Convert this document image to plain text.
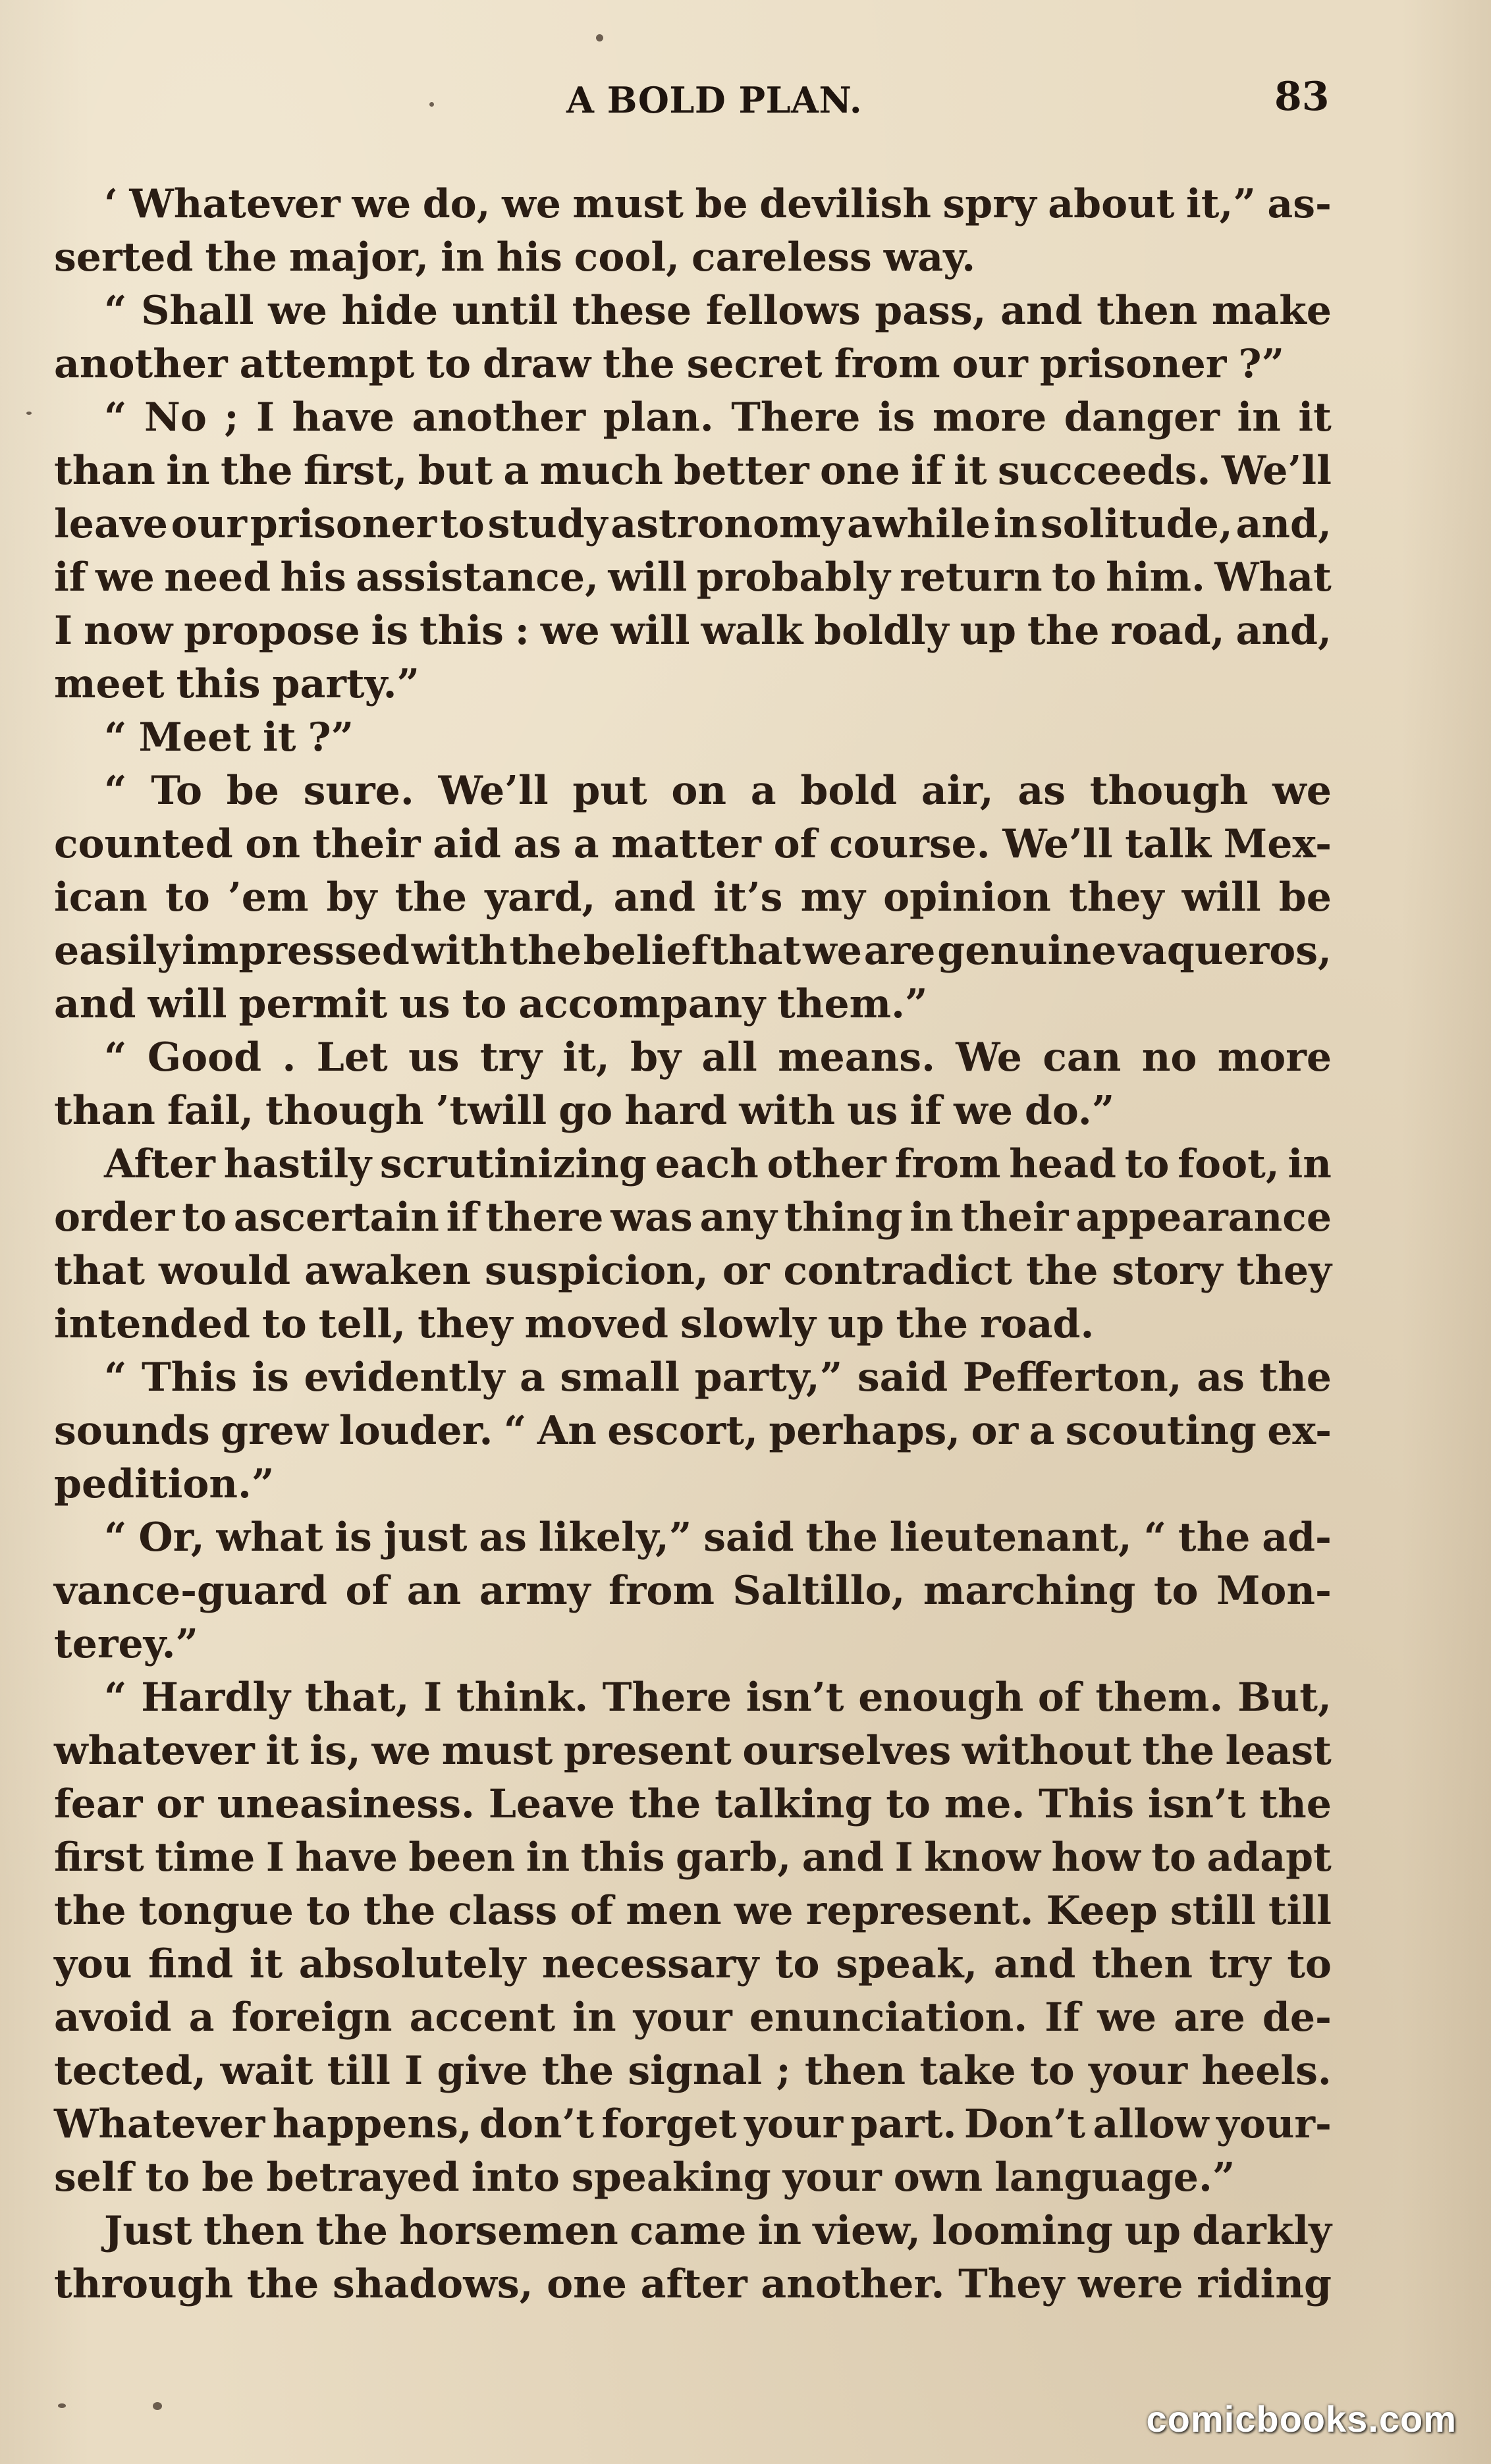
A BOLD PLAN.	83
‘ Whatever we do, we must be devilish spry about it,” as-
serted the major, in his cool, careless way.
“ Shall we hide until these fellows pass, and then make
another attempt to draw the secret from our prisoner ?”
“ No ; I have another plan. There is more danger in it
than in the first, but a much better one if it succeeds. We’ll
leave our prisoner to study astronomy awhile in solitude, and,
if we need his assistance, will probably return to him. What
I now propose is this : we will walk boldly up the road, and,
meet this party.”
“ Meet it ?”
“ To be sure. We’ll put on a bold air, as though we
counted on their aid as a matter of course. We’ll talk Mex-
ican to ’em by the yard, and it’s my opinion they will be
easily impressed with the belief that we are genuine vaqueros,
and will permit us to accompany them.”
“ Good . Let us try it, by all means. We can no more
than fail, though ’twill go hard with us if we do.”
After hastily scrutinizing each other from head to foot, in
order to ascertain if there was any thing in their appearance
that would awaken suspicion, or contradict the story they
intended to tell, they moved slowly up the road.
“ This is evidently a small party,” said Pefferton, as the
sounds grew louder. “ An escort, perhaps, or a scouting ex-
pedition.”
“ Or, what is just as likely,” said the lieutenant, “ the ad-
vance-guard of an army from Saltillo, marching to Mon-
terey.”
“ Hardly that, I think. There isn’t enough of them. But,
whatever it is, we must present ourselves without the least
fear or uneasiness. Leave the talking to me. This isn’t the
first time I have been in this garb, and I know how to adapt
the tongue to the class of men we represent. Keep still till
you find it absolutely necessary to speak, and then try to
avoid a foreign accent in your enunciation. If we are de-
tected, wait till I give the signal ; then take to your heels.
Whatever happens, don’t forget your part. Don’t allow your-
self to be betrayed into speaking your own language.”
Just then the horsemen came in view, looming up darkly
through the shadows, one after another. They were riding
comicbooks.com
